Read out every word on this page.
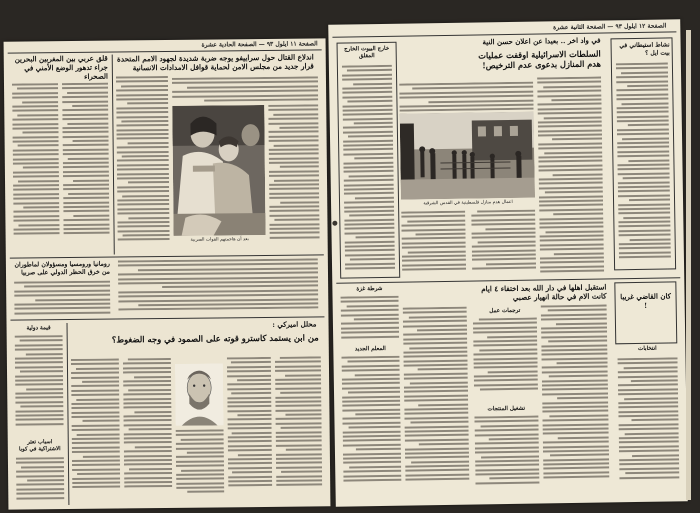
الصفحة ١١ ايلول ٩٣ — الصفحة الحادية عشرة
اندلاع القتال حول سراييفو يوجه ضربة شديدة لجهود الامم المتحدة
قرار جديد من مجلس الامن لحماية قوافل الامدادات الانسانية
قلق عربي بين المغربين البحرين
جراء تدهور الوضع الأمني في الصحراء
بعد أن هاجمتهم القوات الصربية
رومانيا ورومسيا ومسؤولان لماطوران
من خرق الحظر الدولي على صربيا
محلل اميركي :
من ابن يستمد كاسترو قوته على الصمود في وجه الضغوط؟
قيمة دولية
اسباب تعثر الاشتراكية في كوبا
الصفحة ١٢ ايلول ٩٣ — الصفحة الثانية عشرة
نشاط استيطاني في بيت ايل ؟
في واد اخر .. بعيدا عن اعلان حسن النية
السلطات الاسرائيلية اوقفت عمليات
هدم المنازل بدعوى عدم الترخيص!
خارج البيوت الخارج المقلق
اعمال هدم منازل فلسطينية في القدس الشرقية
استقبل اهلها في دار الله بعد اختفاء ٤ ايام
كانت الام في حالة انهيار عصبي
شرطة غزة
المعلم الجديد
ترجمات عمل
تشغيل المنتجات
كان القاضي غريبا !
انتخابات
